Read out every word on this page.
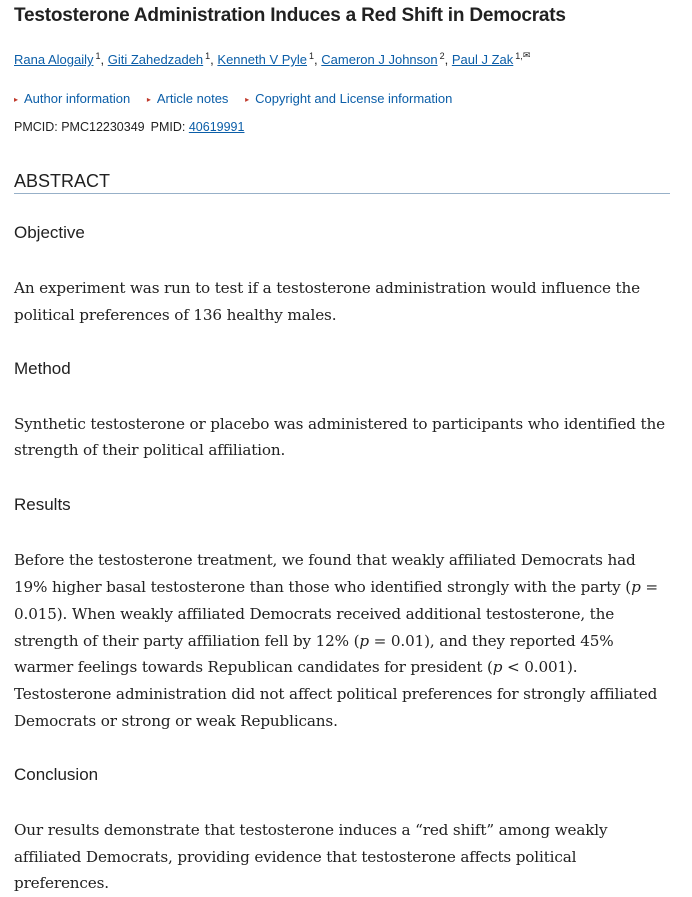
Testosterone Administration Induces a Red Shift in Democrats
Rana Alogaily $^1$, Giti Zahedzadeh $^1$, Kenneth V Pyle $^1$, Cameron J Johnson $^2$, Paul J Zak $^{1,}$✉
▸ Author information ▸ Article notes ▸ Copyright and License information
PMCID: PMC12230349 PMID: 40619991
ABSTRACT
Objective

An experiment was run to test if a testosterone administration would influence the political preferences of 136 healthy males.

Method

Synthetic testosterone or placebo was administered to participants who identified the strength of their political affiliation.

Results

Before the testosterone treatment, we found that weakly affiliated Democrats had 19% higher basal testosterone than those who identified strongly with the party (p = 0.015). When weakly affiliated Democrats received additional testosterone, the strength of their party affiliation fell by 12% (p = 0.01), and they reported 45% warmer feelings towards Republican candidates for president (p < 0.001). Testosterone administration did not affect political preferences for strongly affiliated Democrats or strong or weak Republicans.

Conclusion

Our results demonstrate that testosterone induces a “red shift” among weakly affiliated Democrats, providing evidence that testosterone affects political preferences.
